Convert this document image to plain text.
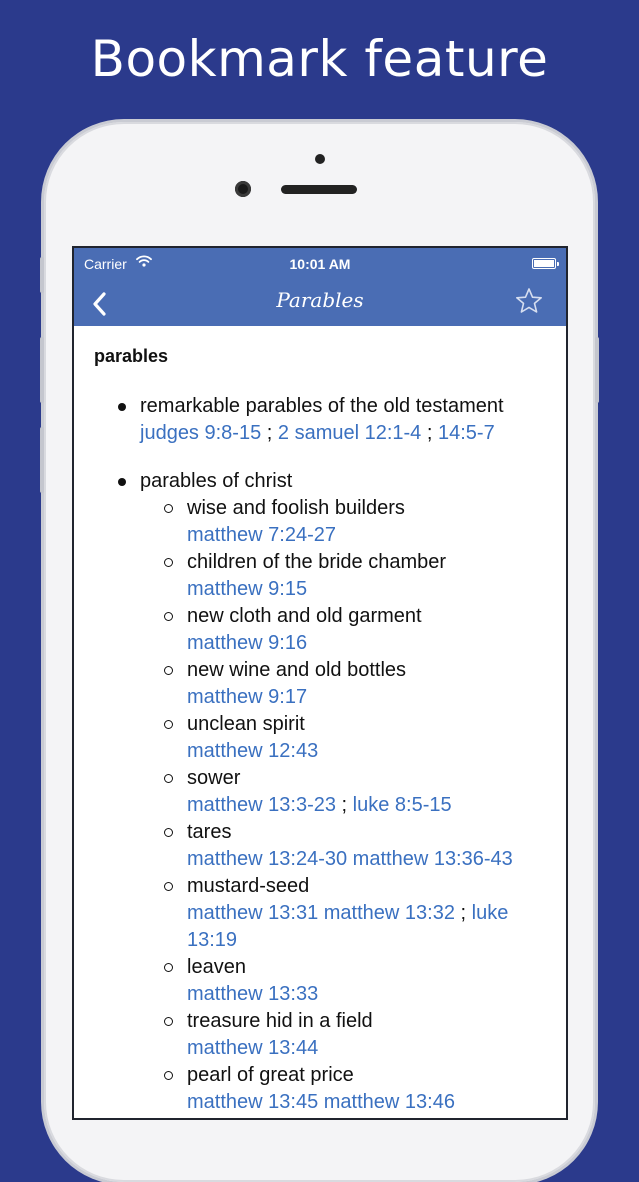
Bookmark feature
Carrier	10:01 AM
Parables
parables
remarkable parables of the old testament
judges 9:8-15 ; 2 samuel 12:1-4 ; 14:5-7
parables of christ
wise and foolish builders
matthew 7:24-27
children of the bride chamber
matthew 9:15
new cloth and old garment
matthew 9:16
new wine and old bottles
matthew 9:17
unclean spirit
matthew 12:43
sower
matthew 13:3-23 ; luke 8:5-15
tares
matthew 13:24-30 matthew 13:36-43
mustard-seed
matthew 13:31 matthew 13:32 ; luke
13:19
leaven
matthew 13:33
treasure hid in a field
matthew 13:44
pearl of great price
matthew 13:45 matthew 13:46
